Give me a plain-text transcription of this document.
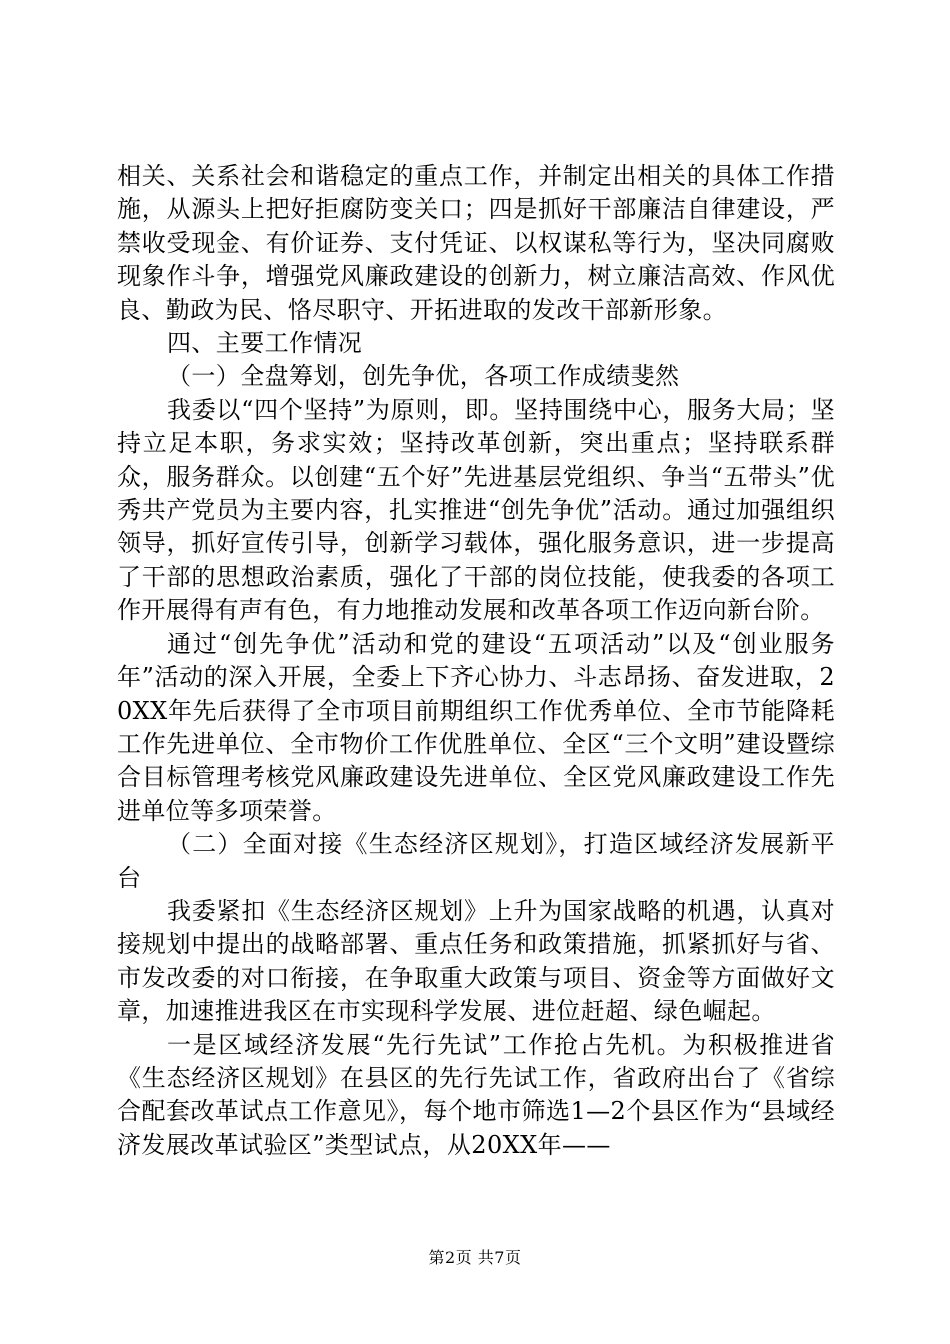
相关、关系社会和谐稳定的重点工作，并制定出相关的具体工作措施，从源头上把好拒腐防变关口；四是抓好干部廉洁自律建设，严禁收受现金、有价证券、支付凭证、以权谋私等行为，坚决同腐败现象作斗争，增强党风廉政建设的创新力，树立廉洁高效、作风优良、勤政为民、恪尽职守、开拓进取的发改干部新形象。

四、主要工作情况

（一）全盘筹划，创先争优，各项工作成绩斐然

我委以“四个坚持”为原则，即。坚持围绕中心，服务大局；坚持立足本职，务求实效；坚持改革创新，突出重点；坚持联系群众，服务群众。以创建“五个好”先进基层党组织、争当“五带头”优秀共产党员为主要内容，扎实推进“创先争优”活动。通过加强组织领导，抓好宣传引导，创新学习载体，强化服务意识，进一步提高了干部的思想政治素质，强化了干部的岗位技能，使我委的各项工作开展得有声有色，有力地推动发展和改革各项工作迈向新台阶。

通过“创先争优”活动和党的建设“五项活动”以及“创业服务年”活动的深入开展，全委上下齐心协力、斗志昂扬、奋发进取，20XX年先后获得了全市项目前期组织工作优秀单位、全市节能降耗工作先进单位、全市物价工作优胜单位、全区“三个文明”建设暨综合目标管理考核党风廉政建设先进单位、全区党风廉政建设工作先进单位等多项荣誉。

（二）全面对接《生态经济区规划》，打造区域经济发展新平台

我委紧扣《生态经济区规划》上升为国家战略的机遇，认真对接规划中提出的战略部署、重点任务和政策措施，抓紧抓好与省、市发改委的对口衔接，在争取重大政策与项目、资金等方面做好文章，加速推进我区在市实现科学发展、进位赶超、绿色崛起。

一是区域经济发展“先行先试”工作抢占先机。为积极推进省《生态经济区规划》在县区的先行先试工作，省政府出台了《省综合配套改革试点工作意见》，每个地市筛选1—2个县区作为“县域经济发展改革试验区”类型试点，从20XX年——

第2页 共7页
